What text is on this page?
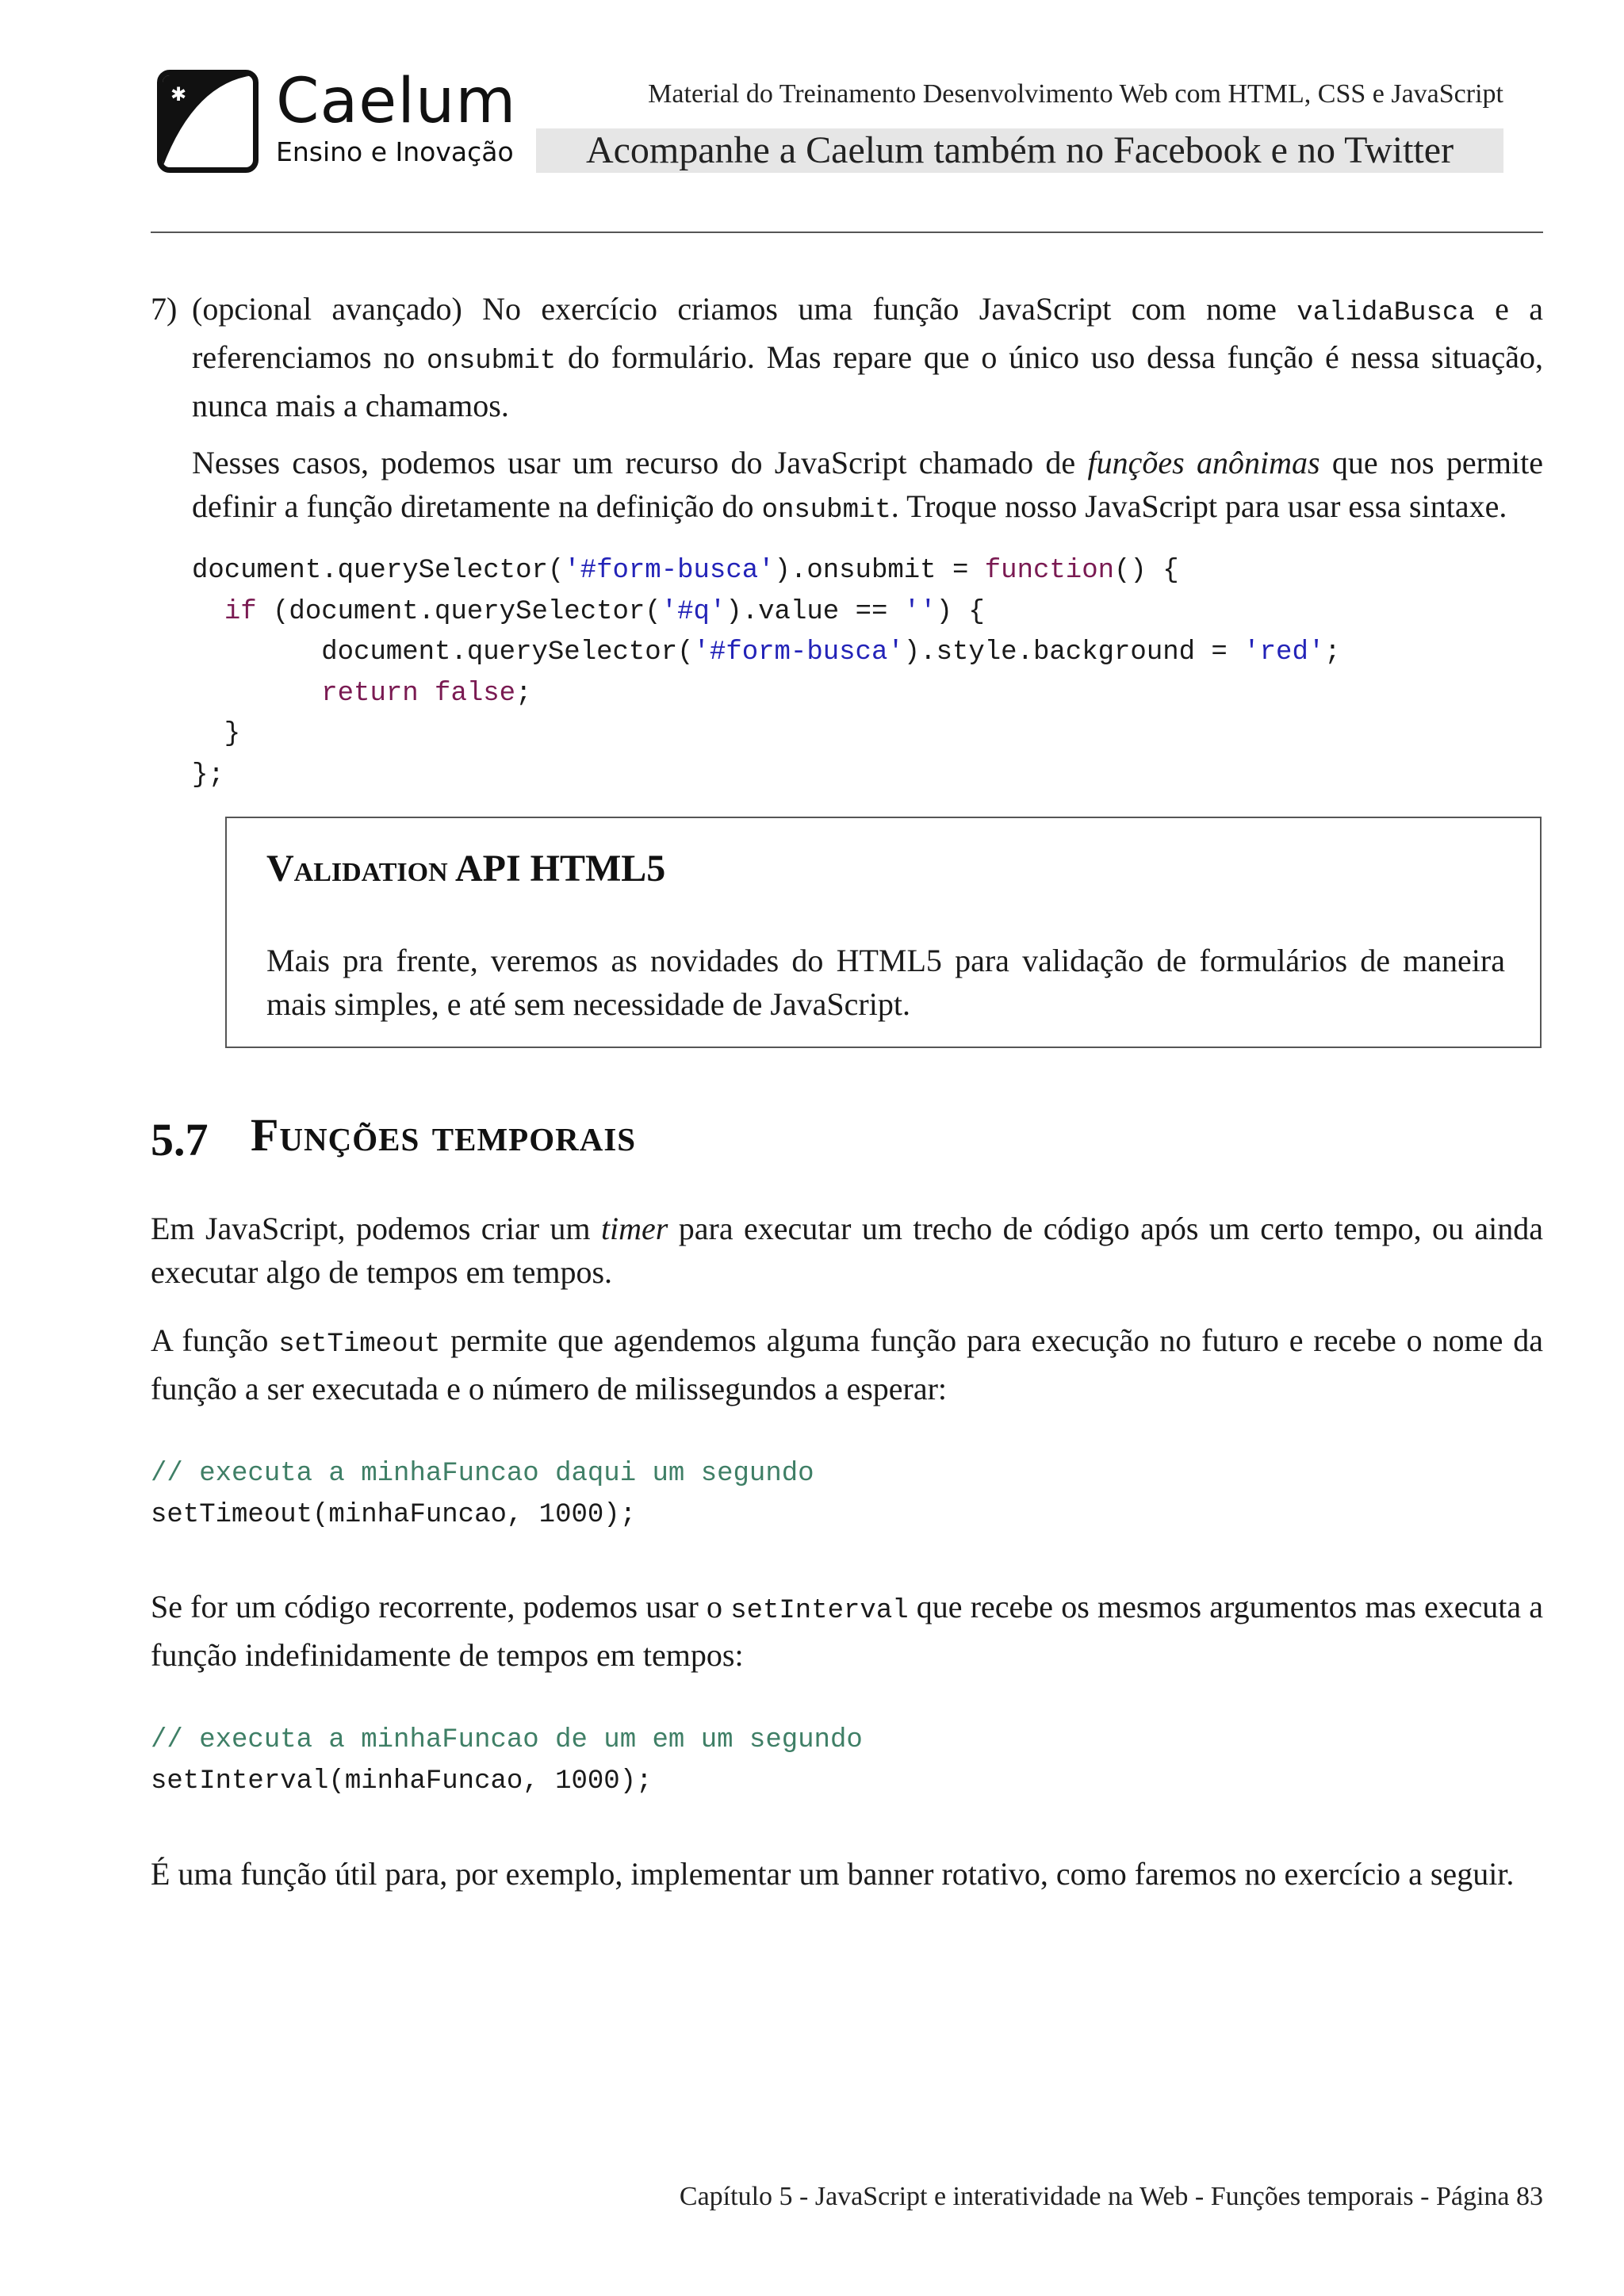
✱ Caelum
Ensino e Inovação
Material do Treinamento Desenvolvimento Web com HTML, CSS e JavaScript
Acompanhe a Caelum também no Facebook e no Twitter
7) (opcional avançado) No exercício criamos uma função JavaScript com nome validaBusca e a referenciamos no onsubmit do formulário. Mas repare que o único uso dessa função é nessa situação, nunca mais a chamamos.
Nesses casos, podemos usar um recurso do JavaScript chamado de funções anônimas que nos permite definir a função diretamente na definição do onsubmit. Troque nosso JavaScript para usar essa sintaxe.
document.querySelector('#form-busca').onsubmit = function() {
if (document.querySelector('#q').value == '') {
document.querySelector('#form-busca').style.background = 'red';
return false;
}
};
Validation API HTML5
Mais pra frente, veremos as novidades do HTML5 para validação de formulários de maneira mais simples, e até sem necessidade de JavaScript.
5.7 Funções temporais
Em JavaScript, podemos criar um timer para executar um trecho de código após um certo tempo, ou ainda executar algo de tempos em tempos.
A função setTimeout permite que agendemos alguma função para execução no futuro e recebe o nome da função a ser executada e o número de milissegundos a esperar:
// executa a minhaFuncao daqui um segundo
setTimeout(minhaFuncao, 1000);
Se for um código recorrente, podemos usar o setInterval que recebe os mesmos argumentos mas executa a função indefinidamente de tempos em tempos:
// executa a minhaFuncao de um em um segundo
setInterval(minhaFuncao, 1000);
É uma função útil para, por exemplo, implementar um banner rotativo, como faremos no exercício a seguir.
Capítulo 5 - JavaScript e interatividade na Web - Funções temporais - Página 83
